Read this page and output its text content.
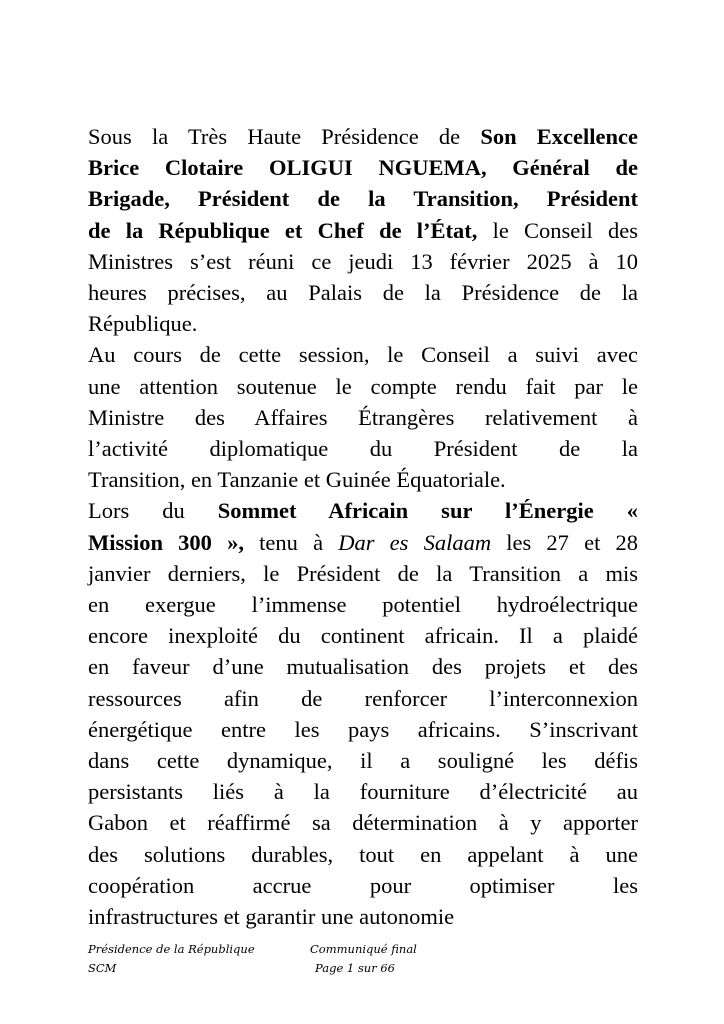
Sous la Très Haute Présidence de Son Excellence
Brice Clotaire OLIGUI NGUEMA, Général de
Brigade, Président de la Transition, Président
de la République et Chef de l’État, le Conseil des
Ministres s’est réuni ce jeudi 13 février 2025 à 10
heures précises, au Palais de la Présidence de la
République.
Au cours de cette session, le Conseil a suivi avec
une attention soutenue le compte rendu fait par le
Ministre des Affaires Étrangères relativement à
l’activité diplomatique du Président de la
Transition, en Tanzanie et Guinée Équatoriale.
Lors du Sommet Africain sur l’Énergie «
Mission 300 », tenu à Dar es Salaam les 27 et 28
janvier derniers, le Président de la Transition a mis
en exergue l’immense potentiel hydroélectrique
encore inexploité du continent africain. Il a plaidé
en faveur d’une mutualisation des projets et des
ressources afin de renforcer l’interconnexion
énergétique entre les pays africains. S’inscrivant
dans cette dynamique, il a souligné les défis
persistants liés à la fourniture d’électricité au
Gabon et réaffirmé sa détermination à y apporter
des solutions durables, tout en appelant à une
coopération accrue pour optimiser les
infrastructures et garantir une autonomie
Présidence de la République
SCM
Communiqué final
Page 1 sur 66
